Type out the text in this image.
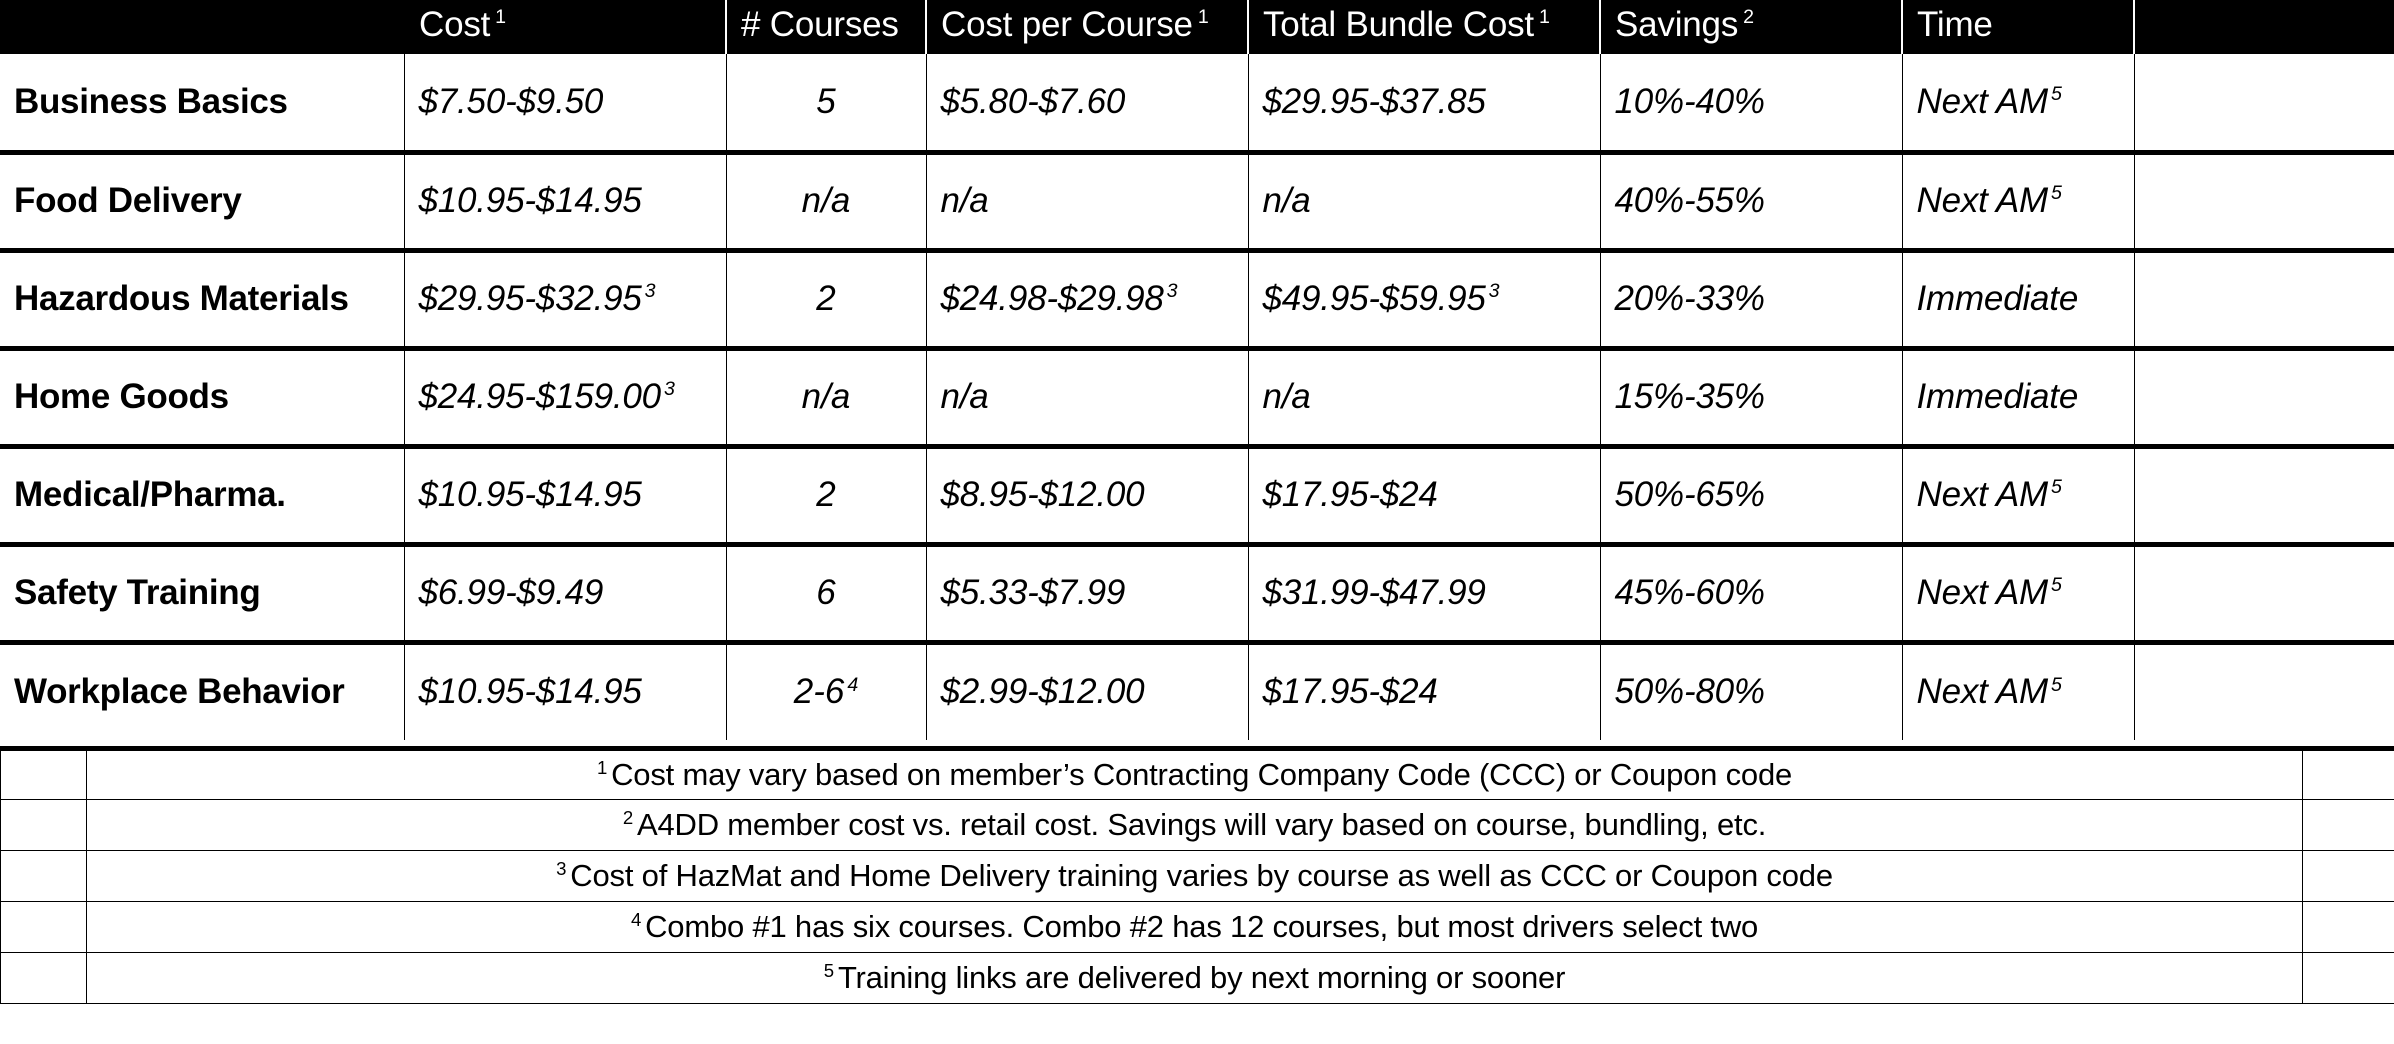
	Cost $^1$	# Courses	Cost per Course $^1$	Total Bundle Cost $^1$	Savings $^2$	Time	
Business Basics	$7.50-$9.50	5	$5.80-$7.60	$29.95-$37.85	10%-40%	Next AM $^5$	
Food Delivery	$10.95-$14.95	n/a	n/a	n/a	40%-55%	Next AM $^5$	
Hazardous Materials	$29.95-$32.95 $^3$	2	$24.98-$29.98 $^3$	$49.95-$59.95 $^3$	20%-33%	Immediate	
Home Goods	$24.95-$159.00 $^3$	n/a	n/a	n/a	15%-35%	Immediate	
Medical/Pharma.	$10.95-$14.95	2	$8.95-$12.00	$17.95-$24	50%-65%	Next AM $^5$	
Safety Training	$6.99-$9.49	6	$5.33-$7.99	$31.99-$47.99	45%-60%	Next AM $^5$	
Workplace Behavior	$10.95-$14.95	2-6 $^4$	$2.99-$12.00	$17.95-$24	50%-80%	Next AM $^5$	
	$^1$ Cost may vary based on member’s Contracting Company Code (CCC) or Coupon code	
	$^2$ A4DD member cost vs. retail cost. Savings will vary based on course, bundling, etc.	
	$^3$ Cost of HazMat and Home Delivery training varies by course as well as CCC or Coupon code	
	$^4$ Combo #1 has six courses. Combo #2 has 12 courses, but most drivers select two	
	$^5$ Training links are delivered by next morning or sooner	
